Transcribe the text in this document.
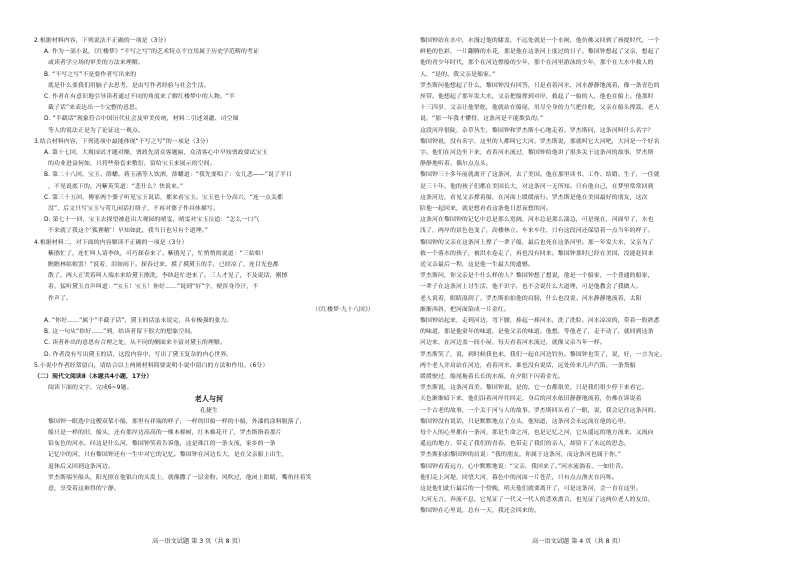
2.根据材料内容，下列说法不正确的一项是（3分）
A. 作为一部小说，《红楼梦》“不写之写”的艺术特点不宜用属于历史学范畴的考证
或读者学立场的审美的方法来理解。
B. “不写之写”不是要作者写出来的
底是什么要我们用脑子去思考，是由写作者经验与社会生活。
C. 作者在有意识地引导读者通过不同的角度来了解红楼梦中的人物。“半
截子话”来表达出一个完整的意思。
D. “半截话”现象符合中国历代社会及审美传统，材料二引述刘勰、司空图
等人的说法正是为了论证这一观点。
3.结合材料内容，下列选项中最能体现“不写之写”的一项是（3分）
A. 第十七回，大观园试才题对额，贾政先请众客题匾，众清客心中早知贾政要试宝玉
的功业进益何如，只将些俗套来敷衍，留给宝玉来展示的空间。
B. 第二十八回，宝玉、薛蟠、蒋玉菡等人饮酒，薛蟠道：“我先要唱了：女儿悲——”说了半日
，不见说底下的。冯紫英笑道：“悲什么？快说来。”
C. 第三十五回，傅家两个婆子听见宝玉说话，都来看宝玉。宝玉也十分高兴，“连一点关都
没”，后文只写宝玉与莺儿闲话打络子，不再对婆子作具体描写。
D. 第七十一回，宝玉去探望被赶出大观园的晴雯，晴雯对宝玉泣道：“怎么一口气
不来就了我这个‘狐狸精’！早知如此，我当日也另有个道理。”
4.根据材料二，对下面的内容解读不正确的一项是（3分）
紫鹃忙了，连忙叫人请李纨，可巧探春来了。紫鹃见了，忙悄悄的说道：“三姑娘！
瞧瞧林姑娘罢！”说着，泪如雨下。探春过来，摸了摸黛玉的手，已经凉了，连目光也都
散了。两人正哭着叫人端水来给黛玉擦洗，李纨赶忙进来了。三人才见了，不及说话，刚擦
着，猛听黛玉直声叫道：“宝玉！宝玉！你好……”说到“好”字，便浑身冷汗，不
作声了。
（《红楼梦·九十八回》）
A. “你好……”属于“半截子话”，黛玉的话虽未说完，具有极强的张力。
B. 这一句从“你好……”到，给读者留下很大的想象空间。
C. 读者补出的意思有合理之处，从不同的侧面来丰富对黛玉的理解。
D. 作者没有写出黛玉的话，这段内容中，写出了黛玉复杂的内心世界。
5.小说中作者经常留白，请结合以上两则材料简要说明小说中留白的方法和作用。（6分）
（二）现代文阅读Ⅱ（本题共4小题，17分）
阅读下面的文字，完成6~9题。
老人与河
孔捷生
黎国钟一眼选中这艘双桨小船，那里有祥瑞的样子，一样的旧船一样的小船，外漆的涂料脱落了，
船只是一样的旧，船头，还有那岸边高高的一棵木棉树，红木棉花开了，罗杰斯指着那片
铅灰色的河水，问这是什么河，黎国钟笑着告诉他，这是珠江的一条支流，家乡的一条
记忆中的河，只有黎国钟还有一生中对它的记忆。黎国钟在河边长大，是在父亲船上出生，
退休后又回到这条河边。
罗杰斯端坐船头，阳光照在他银白的头发上，就像撒了一层金粉。风吹过，他闭上眼睛，嘴角挂着笑
意，享受着这难得的宁静。
黎国钟站在水中，水漫过他的膝盖，不远处就是一个水闸，他仿佛又回到了孩提时代，一个
鲜艳的色彩，一片翻腾的水花，那是他在这条河上度过的日子。黎国钟想起了父亲，想起了
他的青少年时代，那个在河边撑船的少年，那个在河里游泳的少年，那个在大水中救人的
人，“是的，我父亲是船家。”
罗杰斯问他想起了什么，黎国钟没有回答，只是看着河水，河水静静地流着，像一条青色的
丝带。他想起了那年发大水，父亲把船撑到对岸，救起了一船的人，他也在船上。他那时
十三四岁，父亲让他掌舵，他就站在船尾，用尽全身的力气把住舵，父亲在船头撑篙。老人
说，“那一年我才懂得，这条河是不能欺负的。”
这段河岸很陡，杂草丛生，黎国钟和罗杰斯小心地走着。罗杰斯问，这条河叫什么名字？
黎国钟说，没有名字，这里的人都叫它大河。罗杰斯说，那就叫它大河吧，大河是一个好名
字。他们在河边坐下来，看着河水流过，黎国钟给他讲了很多关于这条河的故事，罗杰斯
静静地听着，偶尔点点头。
黎国钟三十多年前就离开了这条河，去了美国。他在那里读书、工作、结婚、生子，一住就
是三十年。他的孩子们都在美国长大，对这条河一无所知。只有他自己，在梦里常常回到
这条河边，看见父亲撑着船，在河面上缓缓前行。罗杰斯是他在美国最好的朋友，这次
陪他一起回来，就是想看看这条他日思夜想的河。
这条河在黎国钟的记忆中总是那么宽阔，河水总是那么湍急，可是现在，河面窄了，水也
浅了，两岸的景色也变了，高楼林立，车来车往，只有这段河还保留着一点当年的样子。
黎国钟的父亲在这条河上撑了一辈子船，最后也死在这条河里。那一年发大水，父亲为了
救一个落水的孩子，被洪水卷走了，再也没有回来。黎国钟那时已经在美国，没能赶回来
送父亲最后一程，这是他一生最大的遗憾。
罗杰斯问，你父亲是个什么样的人？黎国钟想了想说，他是一个船家，一个普通的船家，
一辈子在这条河上讨生活，他不识字，也不会说什么大道理，可是他教会了我做人。
老人说着，眼睛湿润了。罗杰斯拍拍他的肩膀，什么也没说。河水静静地流着，太阳
渐渐西斜，把河面染成一片金红。
黎国钟站起来，走到河边，弯下腰，捧起一捧河水，洗了洗脸。河水凉凉的，带着一股熟悉
的味道，那是他童年的味道，是他父亲的味道。他想，等他老了，走不动了，就回到这条
河边来，在河边盖一间小屋，每天看着河水流过，就像父亲当年一样。
罗杰斯笑了，说，到时候我也来，我们一起在河边钓鱼。黎国钟也笑了，说，好，一言为定。
两个老人并肩站在河边，看着河水，谁也没有说话，远处传来几声汽笛，一条货船
缓缓驶过，船尾拖着长长的水痕，在夕阳下闪着金光。
罗杰斯说，这条河真美。黎国钟说，是的，它一直都很美，只是我们很少停下来看它。
天色渐渐暗下来，他们沿着河岸往回走，身后的河水依旧静静地流着，仿佛在诉说着
一个古老的故事，一个关于河与人的故事。罗杰斯回头看了一眼，说，我会记住这条河的。
黎国钟没有说话，只是默默地点了点头，他知道，这条河会永远流在他的心里。
每个人的心里都有一条河，那是生命之河，也是记忆之河，它从遥远的地方流来，又流向
遥远的地方，带走了我们的青春，也带走了我们的亲人，却留下了永远的思念。
罗杰斯拍拍黎国钟的肩说：“我的朋友，你属于这条河，而这条河也属于你。”
黎国钟看着远方，心中默默地说：“父亲，我回来了。”河水流淌着，一如往昔。
他们走上河堤，回望大河，暮色中的河面一片苍茫，只有点点渔火在闪烁。
这是他们此行最后的一个傍晚，明天他们就要离开了，可是这条河，会一直在这里。
大河无言，奔流不息，它见证了一代又一代人的悲欢离合，也见证了这两位老人的友谊。
黎国钟在心里说，总有一天，我还会回来的。
高一语文试题 第 3 页（共 8 页）	高一语文试题 第 4 页（共 8 页）
